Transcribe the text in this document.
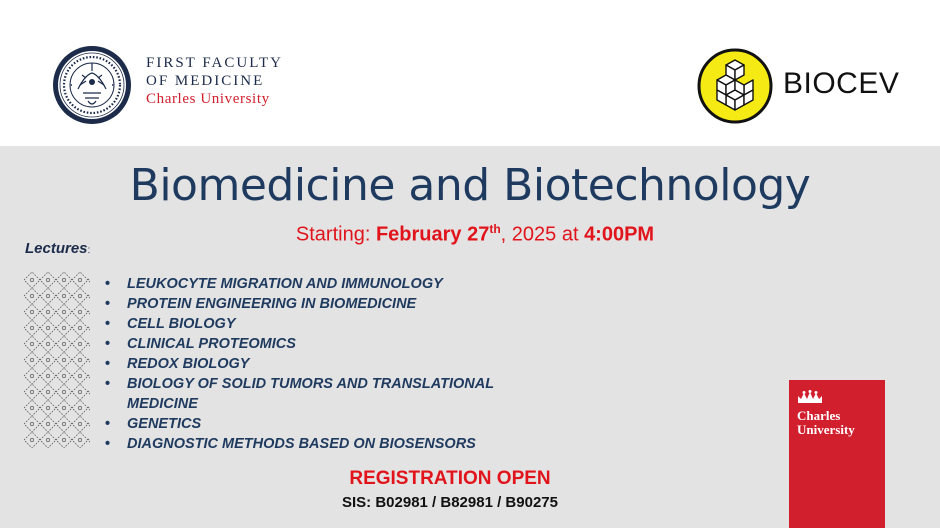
FIRST FACULTY
OF MEDICINE
Charles University	BIOCEV
Biomedicine and Biotechnology
Starting: February 27th, 2025 at 4:00PM
Lectures:
• LEUKOCYTE MIGRATION AND IMMUNOLOGY
• PROTEIN ENGINEERING IN BIOMEDICINE
• CELL BIOLOGY
• CLINICAL PROTEOMICS
• REDOX BIOLOGY
• BIOLOGY OF SOLID TUMORS AND TRANSLATIONAL MEDICINE
• GENETICS
• DIAGNOSTIC METHODS BASED ON BIOSENSORS
REGISTRATION OPEN
SIS: B02981 / B82981 / B90275
Charles
University
